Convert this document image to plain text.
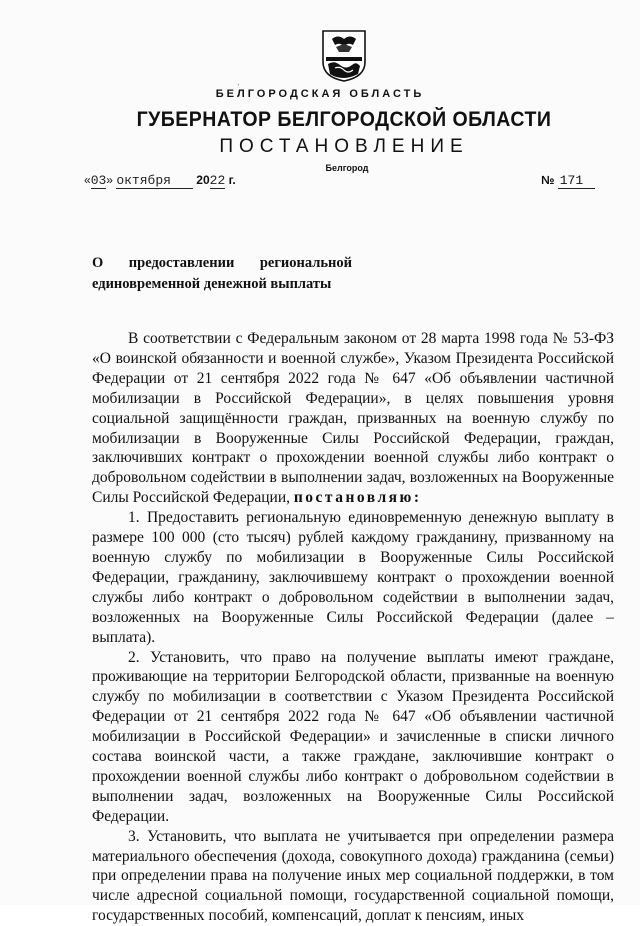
,
БЕЛГОРОДСКАЯ ОБЛАСТЬ
ГУБЕРНАТОР БЕЛГОРОДСКОЙ ОБЛАСТИ
ПОСТАНОВЛЕНИЕ
Белгород
«03» октября 2022 г.	№ 171
О предоставлении региональной
единовременной денежной выплаты

В соответствии с Федеральным законом от 28 марта 1998 года № 53-ФЗ «О воинской обязанности и военной службе», Указом Президента Российской Федерации от 21 сентября 2022 года № 647 «Об объявлении частичной мобилизации в Российской Федерации», в целях повышения уровня социальной защищённости граждан, призванных на военную службу по мобилизации в Вооруженные Силы Российской Федерации, граждан, заключивших контракт о прохождении военной службы либо контракт о добровольном содействии в выполнении задач, возложенных на Вооруженные Силы Российской Федерации, постановляю:

1. Предоставить региональную единовременную денежную выплату в размере 100 000 (сто тысяч) рублей каждому гражданину, призванному на военную службу по мобилизации в Вооруженные Силы Российской Федерации, гражданину, заключившему контракт о прохождении военной службы либо контракт о добровольном содействии в выполнении задач, возложенных на Вооруженные Силы Российской Федерации (далее – выплата).

2. Установить, что право на получение выплаты имеют граждане, проживающие на территории Белгородской области, призванные на военную службу по мобилизации в соответствии с Указом Президента Российской Федерации от 21 сентября 2022 года № 647 «Об объявлении частичной мобилизации в Российской Федерации» и зачисленные в списки личного состава воинской части, а также граждане, заключившие контракт о прохождении военной службы либо контракт о добровольном содействии в выполнении задач, возложенных на Вооруженные Силы Российской Федерации.

3. Установить, что выплата не учитывается при определении размера материального обеспечения (дохода, совокупного дохода) гражданина (семьи) при определении права на получение иных мер социальной поддержки, в том числе адресной социальной помощи, государственной социальной помощи, государственных пособий, компенсаций, доплат к пенсиям, иных
